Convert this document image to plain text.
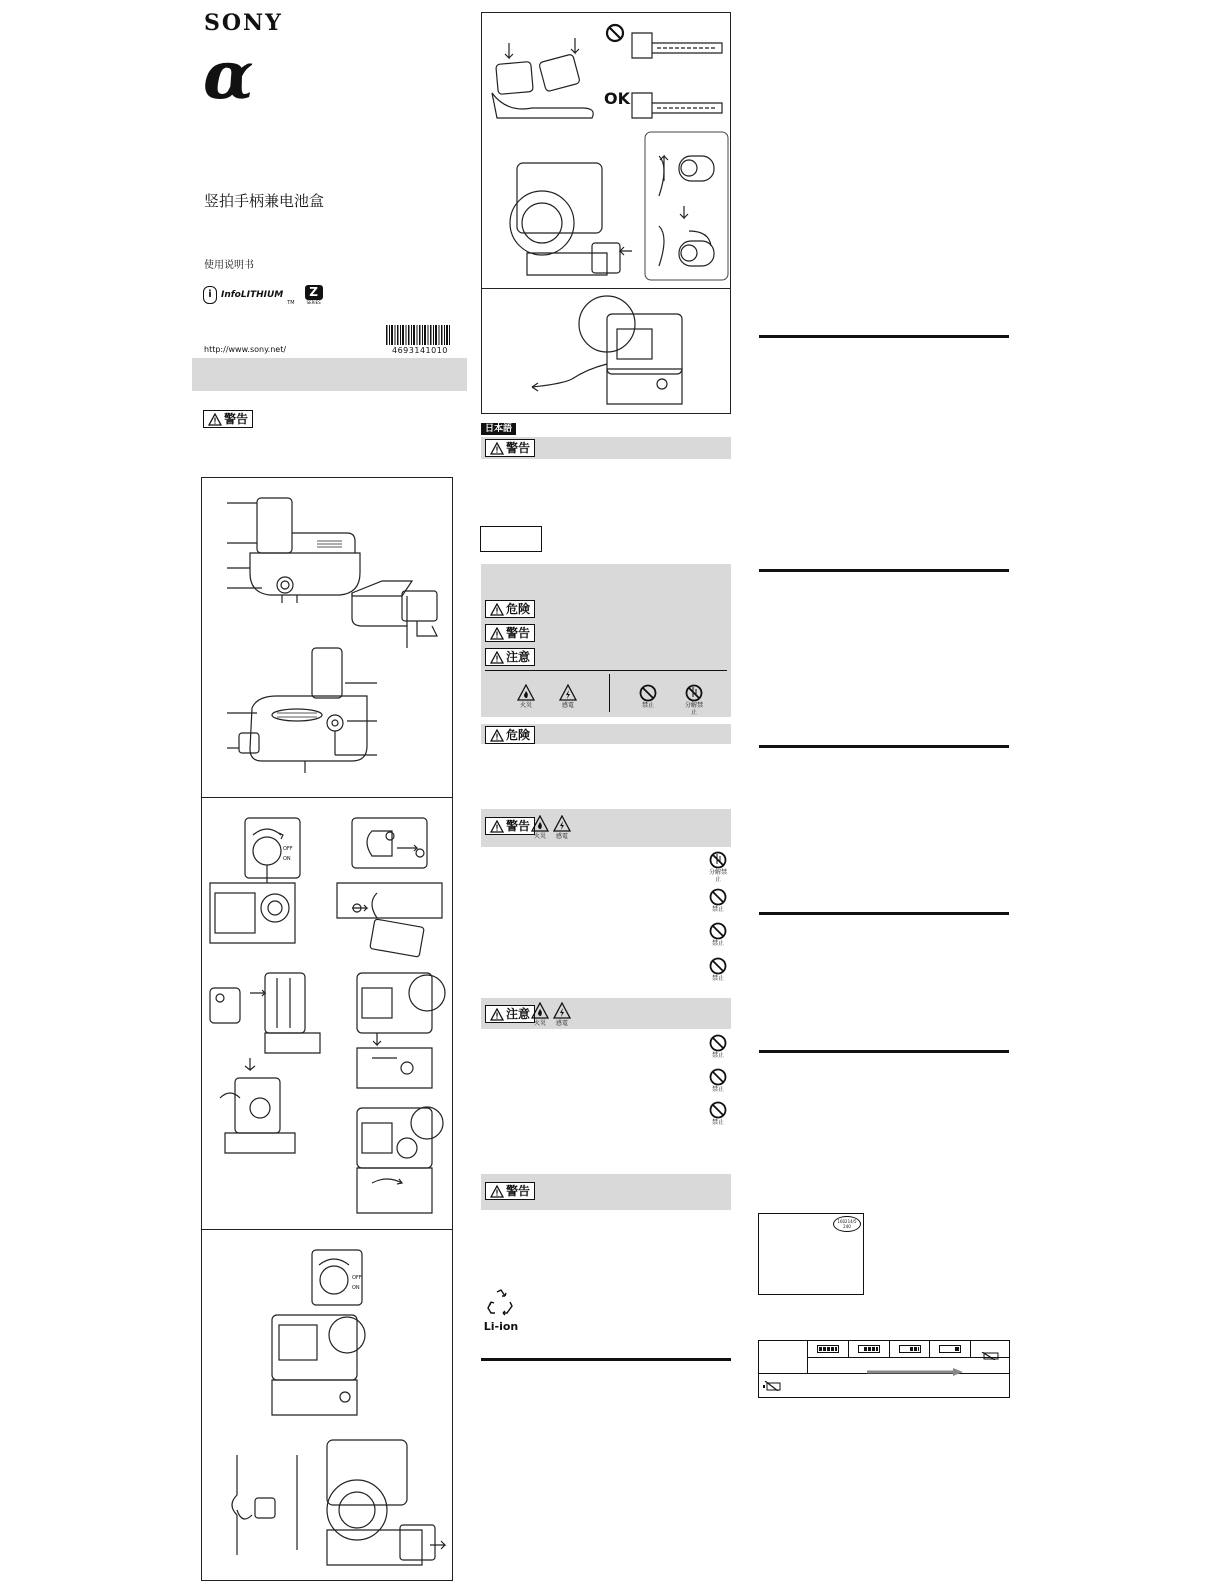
SONY
α
竖拍手柄兼电池盒
使用说明书
i	InfoLITHIUM
TM
Z
SERIES
4693141010
http://www.sony.net/
警告
OFF
ON
OFF
ON
OK
日本語
警告
危険
警告
注意
火災	感電	禁止	分解禁止
危険
警告
火災	感電
分解禁止
禁止
禁止
禁止
注意
火災	感電
禁止
禁止
禁止
警告
Li-ion
160214/5
240
